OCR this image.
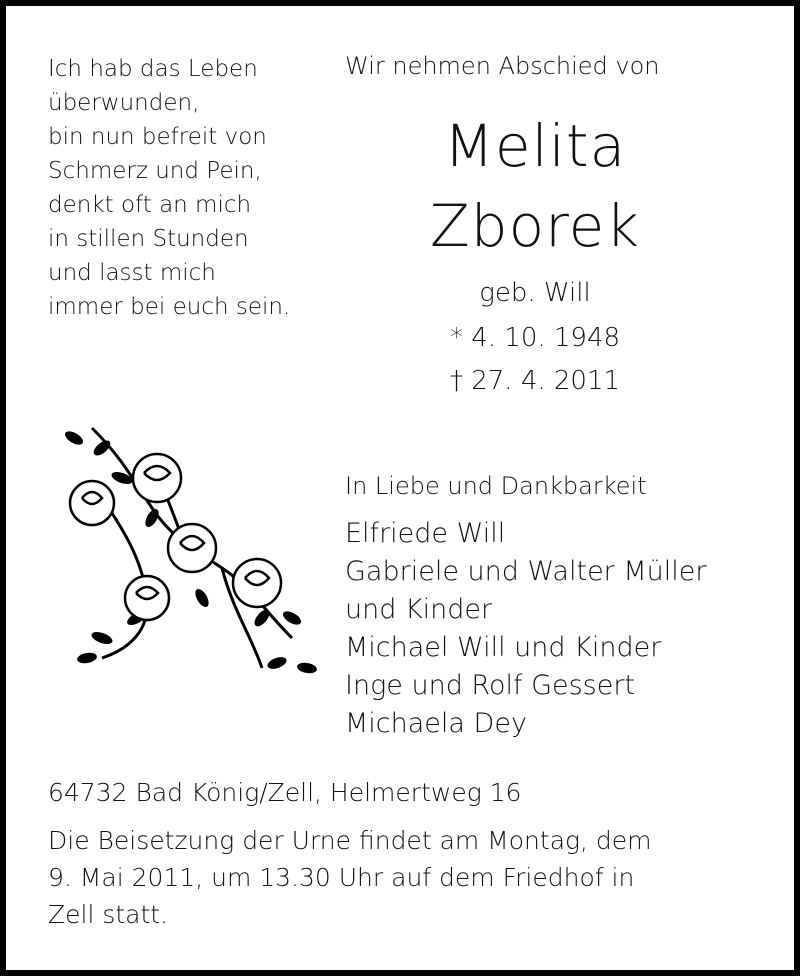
Ich hab das Leben
überwunden,
bin nun befreit von
Schmerz und Pein,
denkt oft an mich
in stillen Stunden
und lasst mich
immer bei euch sein.
Wir nehmen Abschied von
Melita
Zborek
geb. Will
* 4. 10. 1948
† 27. 4. 2011
In Liebe und Dankbarkeit
Elfriede Will
Gabriele und Walter Müller
und Kinder
Michael Will und Kinder
Inge und Rolf Gessert
Michaela Dey
64732 Bad König/Zell, Helmertweg 16
Die Beisetzung der Urne findet am Montag, dem
9. Mai 2011, um 13.30 Uhr auf dem Friedhof in
Zell statt.
